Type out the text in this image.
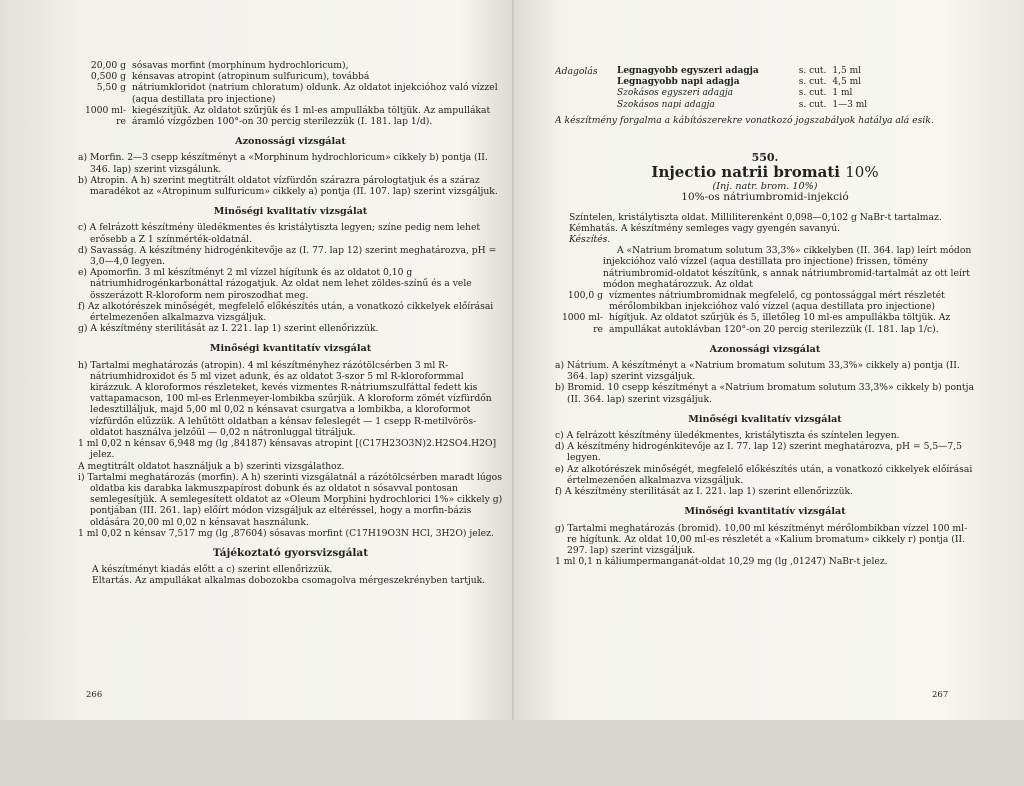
20,00 g sósavas morfint (morphinum hydrochloricum),
0,500 g kénsavas atropint (atropinum sulfuricum), továbbá
5,50 g nátriumkloridot (natrium chloratum) oldunk. Az oldatot injekcióhoz való vízzel (aqua destillata pro injectione)
1000 ml-re
kiegészítjük. Az oldatot szűrjük és 1 ml-es ampullákba töltjük. Az ampullákat áramló vízgőzben 100°-on 30 percig sterilezzük (I. 181. lap 1/d).

Azonossági vizsgálat

a) Morfin. 2—3 csepp készítményt a «Morphinum hydrochloricum» cikkely b) pontja (II. 346. lap) szerint vizsgálunk.

b) Atropin. A h) szerint megtitrált oldatot vízfürdőn szárazra párologtatjuk és a száraz maradékot az «Atropinum sulfuricum» cikkely a) pontja (II. 107. lap) szerint vizsgáljuk.

Minőségi kvalitatív vizsgálat

c) A felrázott készítmény üledékmentes és kristálytiszta legyen; színe pedig nem lehet erősebb a Z 1 színmérték-oldatnál.

d) Savasság. A készítmény hidrogénkitevője az (I. 77. lap 12) szerint meghatározva, pH = 3,0—4,0 legyen.

e) Apomorfin. 3 ml készítményt 2 ml vízzel hígítunk és az oldatot 0,10 g nátriumhidrogénkarbonáttal rázogatjuk. Az oldat nem lehet zöldes-színű és a vele összerázott R-kloroform nem piroszodhat meg.

f) Az alkotórészek minőségét, megfelelő előkészítés után, a vonatkozó cikkelyek előírásai értelmezenően alkalmazva vizsgáljuk.

g) A készítmény sterilitását az I. 221. lap 1) szerint ellenőrizzük.

Minőségi kvantitatív vizsgálat

h) Tartalmi meghatározás (atropin). 4 ml készítményhez rázótölcsérben 3 ml R-nátriumhidroxidot és 5 ml vizet adunk, és az oldatot 3-szor 5 ml R-kloroformmal kirázzuk. A kloroformos részleteket, kevés vizmentes R-nátriumszulfáttal fedett kis vattapamacson, 100 ml-es Erlenmeyer-lombikba szűrjük. A kloroform zömét vízfürdőn ledesztilláljuk, majd 5,00 ml 0,02 n kénsavat csurgatva a lombikba, a kloroformot vízfürdőn elűzzük. A lehűtött oldatban a kénsav feleslegét — 1 csepp R-metilvörös-oldatot használva jelzőül — 0,02 n nátronluggal titráljuk.

1 ml 0,02 n kénsav 6,948 mg (lg ,84187) kénsavas atropint [(C17H23O3N)2.H2SO4.H2O] jelez.

A megtitrált oldatot használjuk a b) szerinti vizsgálathoz.

i) Tartalmi meghatározás (morfin). A h) szerinti vizsgálatnál a rázótölcsérben maradt lúgos oldatba kis darabka lakmuszpapírost dobunk és az oldatot n sósavval pontosan semlegesítjük. A semlegesített oldatot az «Oleum Morphini hydrochlorici 1%» cikkely g) pontjában (III. 261. lap) előírt módon vizsgáljuk az eltéréssel, hogy a morfin-bázis oldására 20,00 ml 0,02 n kénsavat használunk.

1 ml 0,02 n kénsav 7,517 mg (lg ,87604) sósavas morfint (C17H19O3N HCl, 3H2O) jelez.

Tájékoztató gyorsvizsgálat

A készítményt kiadás előtt a c) szerint ellenőrizzük.

Eltartás. Az ampullákat alkalmas dobozokba csomagolva mérgeszekrényben tartjuk.

266
Adagolás	Legnagyobb egyszeri adagja	s. cut.	1,5 ml
Legnagyobb napi adagja	s. cut.	4,5 ml
Szokásos egyszeri adagja	s. cut.	1 ml
Szokásos napi adagja	s. cut.	1—3 ml

A készítmény forgalma a kábítószerekre vonatkozó jogszabályok hatálya alá esik.

550.

Injectio natrii bromati 10%

(Inj. natr. brom. 10%)

10%-os nátriumbromid-injekció

Színtelen, kristálytiszta oldat. Milliliterenként 0,098—0,102 g NaBr-t tartalmaz.

Kémhatás. A készítmény semleges vagy gyengén savanyú.

Készítés.

A «Natrium bromatum solutum 33,3%» cikkelyben (II. 364. lap) leírt módon injekcióhoz való vízzel (aqua destillata pro injectione) frissen, tömény nátriumbromid-oldatot készítünk, s annak nátriumbromid-tartalmát az ott leírt módon meghatározzuk. Az oldat

100,0 g vízmentes nátriumbromidnak megfelelő, cg pontossággal mért részletét mérőlombikban injekcióhoz való vízzel (aqua destillata pro injectione)
1000 ml-re
hígítjuk. Az oldatot szűrjük és 5, illetőleg 10 ml-es ampullákba töltjük. Az ampullákat autoklávban 120°-on 20 percig sterilezzük (I. 181. lap 1/c).

Azonossági vizsgálat

a) Nátrium. A készítményt a «Natrium bromatum solutum 33,3%» cikkely a) pontja (II. 364. lap) szerint vizsgáljuk.

b) Bromid. 10 csepp készítményt a «Natrium bromatum solutum 33,3%» cikkely b) pontja (II. 364. lap) szerint vizsgáljuk.

Minőségi kvalitatív vizsgálat

c) A felrázott készítmény üledékmentes, kristálytiszta és színtelen legyen.

d) A készítmény hidrogénkitevője az I. 77. lap 12) szerint meghatározva, pH = 5,5—7,5 legyen.

e) Az alkotórészek minőségét, megfelelő előkészítés után, a vonatkozó cikkelyek előírásai értelmezenően alkalmazva vizsgáljuk.

f) A készítmény sterilitását az I. 221. lap 1) szerint ellenőrizzük.

Minőségi kvantitatív vizsgálat

g) Tartalmi meghatározás (bromid). 10,00 ml készítményt mérőlombikban vízzel 100 ml-re hígítunk. Az oldat 10,00 ml-es részletét a «Kalium bromatum» cikkely r) pontja (II. 297. lap) szerint vizsgáljuk.

1 ml 0,1 n káliumpermanganát-oldat 10,29 mg (lg ,01247) NaBr-t jelez.

267
